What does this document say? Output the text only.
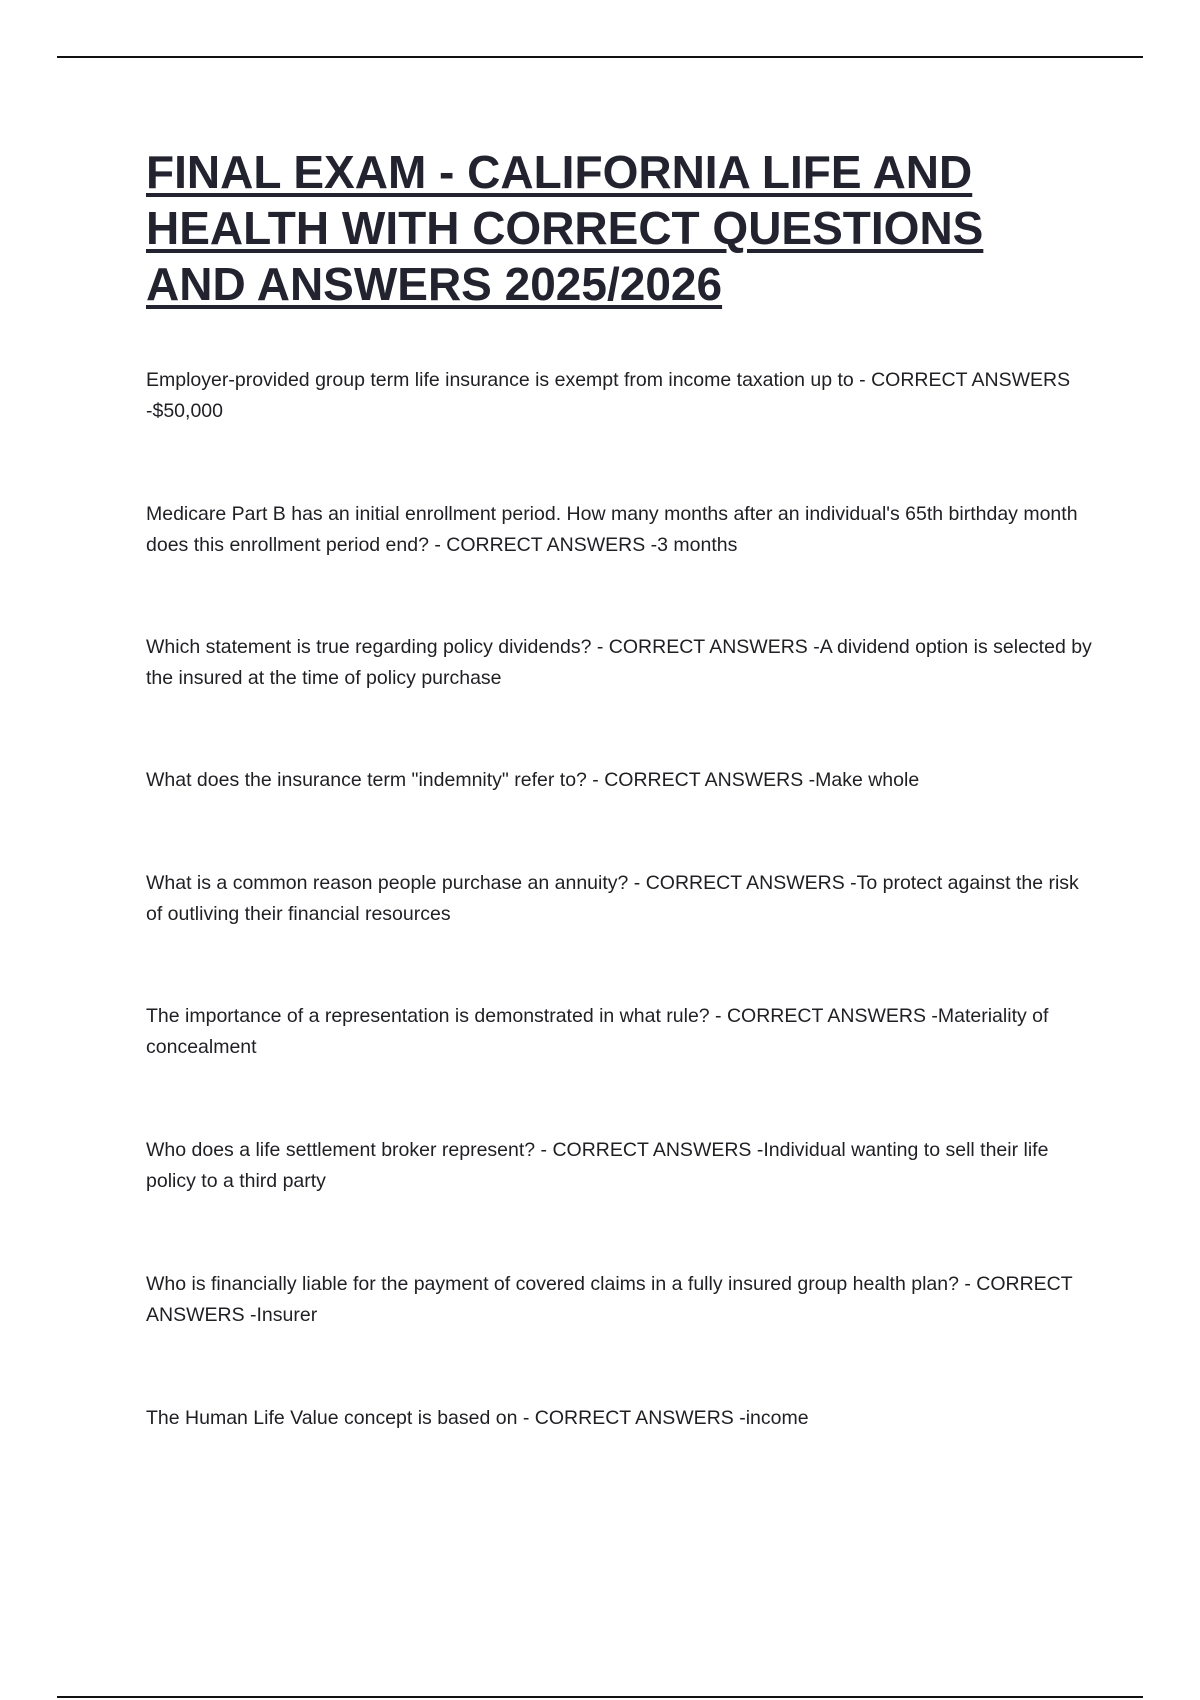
FINAL EXAM - CALIFORNIA LIFE AND HEALTH WITH CORRECT QUESTIONS AND ANSWERS 2025/2026
Employer-provided group term life insurance is exempt from income taxation up to - CORRECT ANSWERS -$50,000
Medicare Part B has an initial enrollment period. How many months after an individual's 65th birthday month does this enrollment period end? - CORRECT ANSWERS -3 months
Which statement is true regarding policy dividends? - CORRECT ANSWERS -A dividend option is selected by the insured at the time of policy purchase
What does the insurance term "indemnity" refer to? - CORRECT ANSWERS -Make whole
What is a common reason people purchase an annuity? - CORRECT ANSWERS -To protect against the risk of outliving their financial resources
The importance of a representation is demonstrated in what rule? - CORRECT ANSWERS -Materiality of concealment
Who does a life settlement broker represent? - CORRECT ANSWERS -Individual wanting to sell their life policy to a third party
Who is financially liable for the payment of covered claims in a fully insured group health plan? - CORRECT ANSWERS -Insurer
The Human Life Value concept is based on - CORRECT ANSWERS -income
